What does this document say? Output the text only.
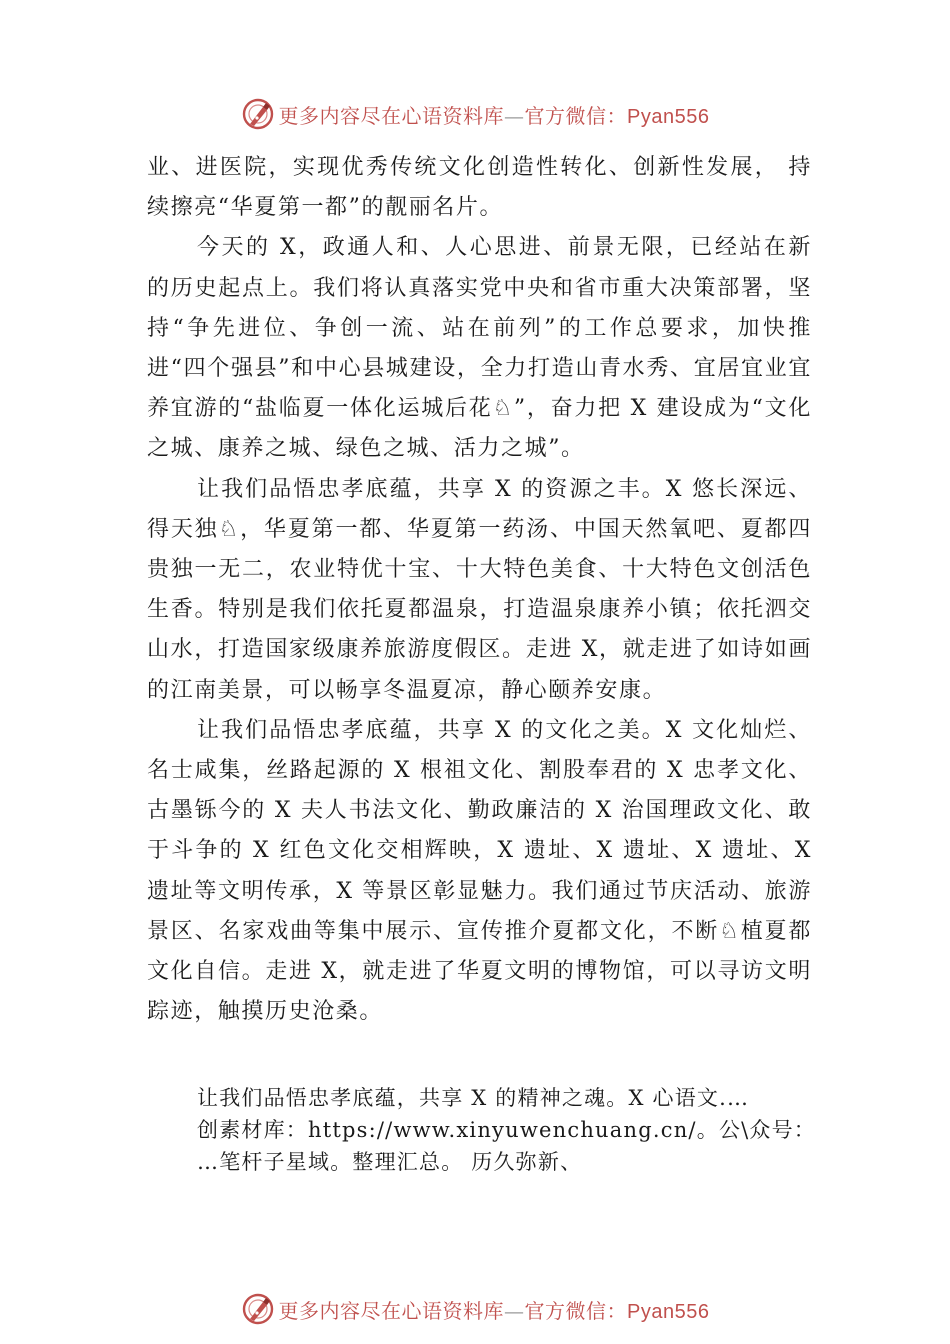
更多内容尽在心语资料库—官方微信：Pyan556

业、进医院，实现优秀传统文化创造性转化、创新性发展， 持续擦亮“华夏第一都”的靓丽名片。

今天的 X，政通人和、人心思进、前景无限，已经站在新的历史起点上。我们将认真落实党中央和省市重大决策部署，坚持“争先进位、争创一流、站在前列”的工作总要求，加快推进“四个强县”和中心县城建设，全力打造山青水秀、宜居宜业宜养宜游的“盐临夏一体化运城后花♘”，奋力把 X 建设成为“文化之城、康养之城、绿色之城、活力之城”。

让我们品悟忠孝底蕴，共享 X 的资源之丰。X 悠长深远、得天独♘，华夏第一都、华夏第一药汤、中国天然氧吧、夏都四贵独一无二，农业特优十宝、十大特色美食、十大特色文创活色生香。特别是我们依托夏都温泉，打造温泉康养小镇；依托泗交山水，打造国家级康养旅游度假区。走进 X，就走进了如诗如画的江南美景，可以畅享冬温夏凉，静心颐养安康。

让我们品悟忠孝底蕴，共享 X 的文化之美。X 文化灿烂、名士咸集，丝路起源的 X 根祖文化、割股奉君的 X 忠孝文化、古墨铄今的 X 夫人书法文化、勤政廉洁的 X 治国理政文化、敢于斗争的 X 红色文化交相辉映，X 遗址、X 遗址、X 遗址、X 遗址等文明传承，X 等景区彰显魅力。我们通过节庆活动、旅游景区、名家戏曲等集中展示、宣传推介夏都文化，不断♘植夏都文化自信。走进 X，就走进了华夏文明的博物馆，可以寻访文明踪迹，触摸历史沧桑。

让我们品悟忠孝底蕴，共享 X 的精神之魂。X 心语文.…
创素材库：https://www.xinyuwenchuang.cn/。公\众号：
…笔杆子星域。整理汇总。 历久弥新、
更多内容尽在心语资料库—官方微信：Pyan556
